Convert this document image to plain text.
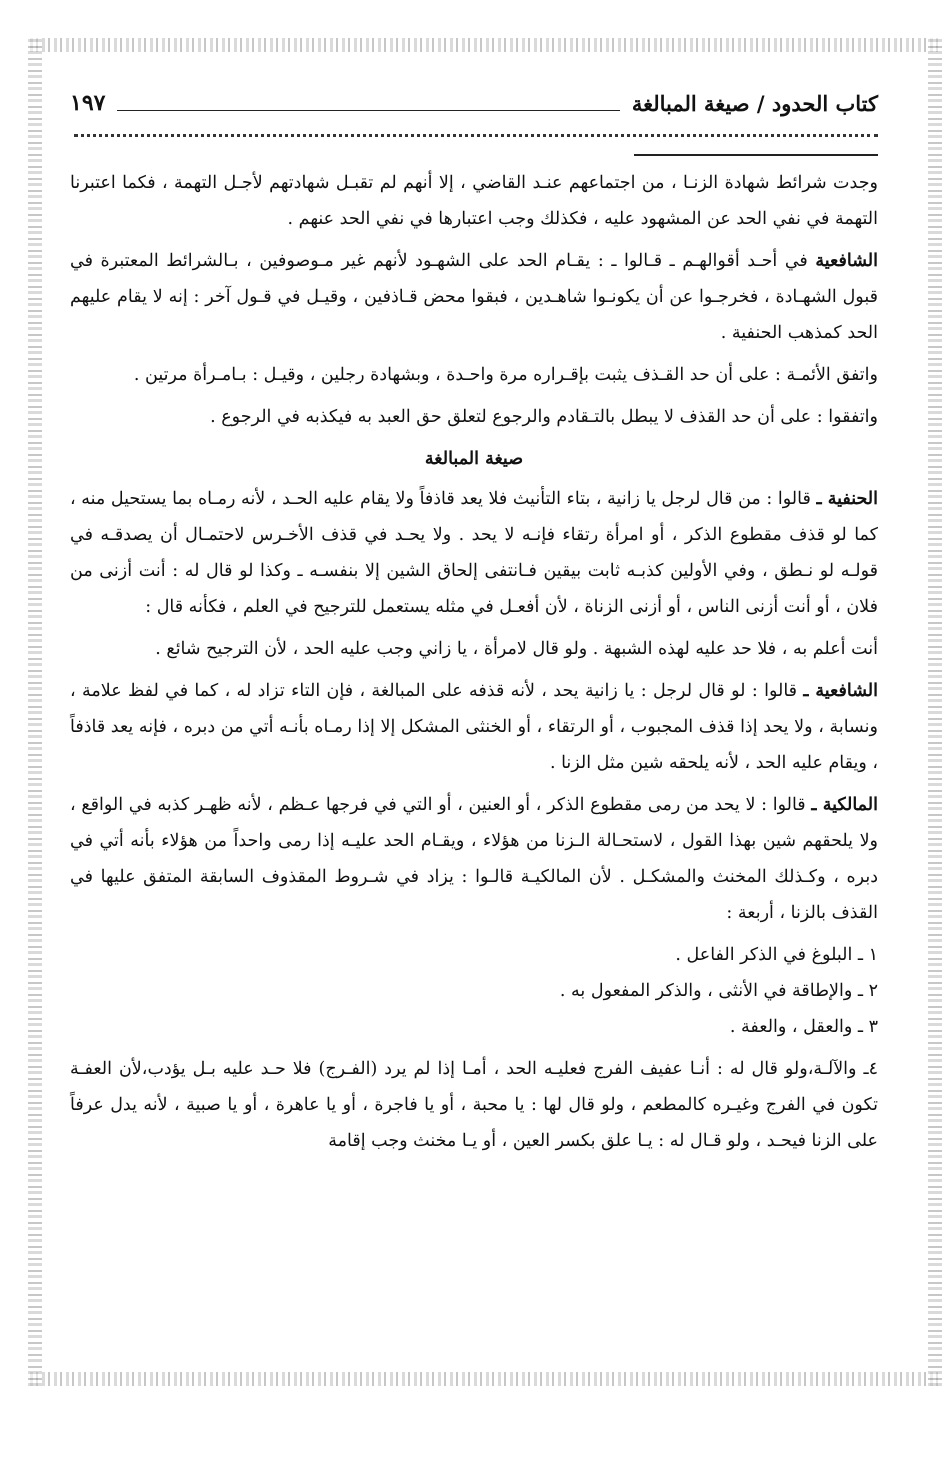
كتاب الحدود / صيغة المبالغة
١٩٧

وجدت شرائط شهادة الزنـا ، من اجتماعهم عنـد القاضي ، إلا أنهم لم تقبـل شهادتهم لأجـل التهمة ، فكما اعتبرنا التهمة في نفي الحد عن المشهود عليه ، فكذلك وجب اعتبارها في نفي الحد عنهم .

الشافعية في أحـد أقوالهـم ـ قـالوا ـ : يقـام الحد على الشهـود لأنهم غير مـوصوفين ، بـالشرائط المعتبرة في قبول الشهـادة ، فخرجـوا عن أن يكونـوا شاهـدين ، فبقوا محض قـاذفين ، وقيـل في قـول آخر : إنه لا يقام عليهم الحد كمذهب الحنفية .

واتفق الأئمـة : على أن حد القـذف يثبت بإقـراره مرة واحـدة ، وبشهادة رجلين ، وقيـل : بـامـرأة مرتين .

واتفقوا : على أن حد القذف لا يبطل بالتـقادم والرجوع لتعلق حق العبد به فيكذبه في الرجوع .

صيغة المبالغة

الحنفية ـ قالوا : من قال لرجل يا زانية ، بتاء التأنيث فلا يعد قاذفاً ولا يقام عليه الحـد ، لأنه رمـاه بما يستحيل منه ، كما لو قذف مقطوع الذكر ، أو امرأة رتقاء فإنـه لا يحد . ولا يحـد في قذف الأخـرس لاحتمـال أن يصدقـه في قولـه لو نـطق ، وفي الأولين كذبـه ثابت بيقين فـانتفى إلحاق الشين إلا بنفسـه ـ وكذا لو قال له : أنت أزنى من فلان ، أو أنت أزنى الناس ، أو أزنى الزناة ، لأن أفعـل في مثله يستعمل للترجيح في العلم ، فكأنه قال :

أنت أعلم به ، فلا حد عليه لهذه الشبهة . ولو قال لامرأة ، يا زاني وجب عليه الحد ، لأن الترجيح شائع .

الشافعية ـ قالوا : لو قال لرجل : يا زانية يحد ، لأنه قذفه على المبالغة ، فإن التاء تزاد له ، كما في لفظ علامة ، ونسابة ، ولا يحد إذا قذف المجبوب ، أو الرتقاء ، أو الخنثى المشكل إلا إذا رمـاه بأنـه أتي من دبره ، فإنه يعد قاذفاً ، ويقام عليه الحد ، لأنه يلحقه شين مثل الزنا .

المالكية ـ قالوا : لا يحد من رمى مقطوع الذكر ، أو العنين ، أو التي في فرجها عـظم ، لأنه ظهـر كذبه في الواقع ، ولا يلحقهم شين بهذا القول ، لاستحـالة الـزنا من هؤلاء ، ويقـام الحد عليـه إذا رمى واحداً من هؤلاء بأنه أتي في دبره ، وكـذلك المخنث والمشكـل . لأن المالكيـة قالـوا : يزاد في شـروط المقذوف السابقة المتفق عليها في القذف بالزنا ، أربعة :

١ ـ البلوغ في الذكر الفاعل .

٢ ـ والإطاقة في الأنثى ، والذكر المفعول به .

٣ ـ والعقل ، والعفة .

٤ـ والآلـة،ولو قال له : أنـا عفيف الفرج فعليـه الحد ، أمـا إذا لم يرد (الفـرج) فلا حـد عليه بـل يؤدب،لأن العفـة تكون في الفرج وغيـره كالمطعم ، ولو قال لها : يا محبة ، أو يا فاجرة ، أو يا عاهرة ، أو يا صبية ، لأنه يدل عرفاً على الزنا فيحـد ، ولو قـال له : يـا علق بكسر العين ، أو يـا مخنث وجب إقامة
